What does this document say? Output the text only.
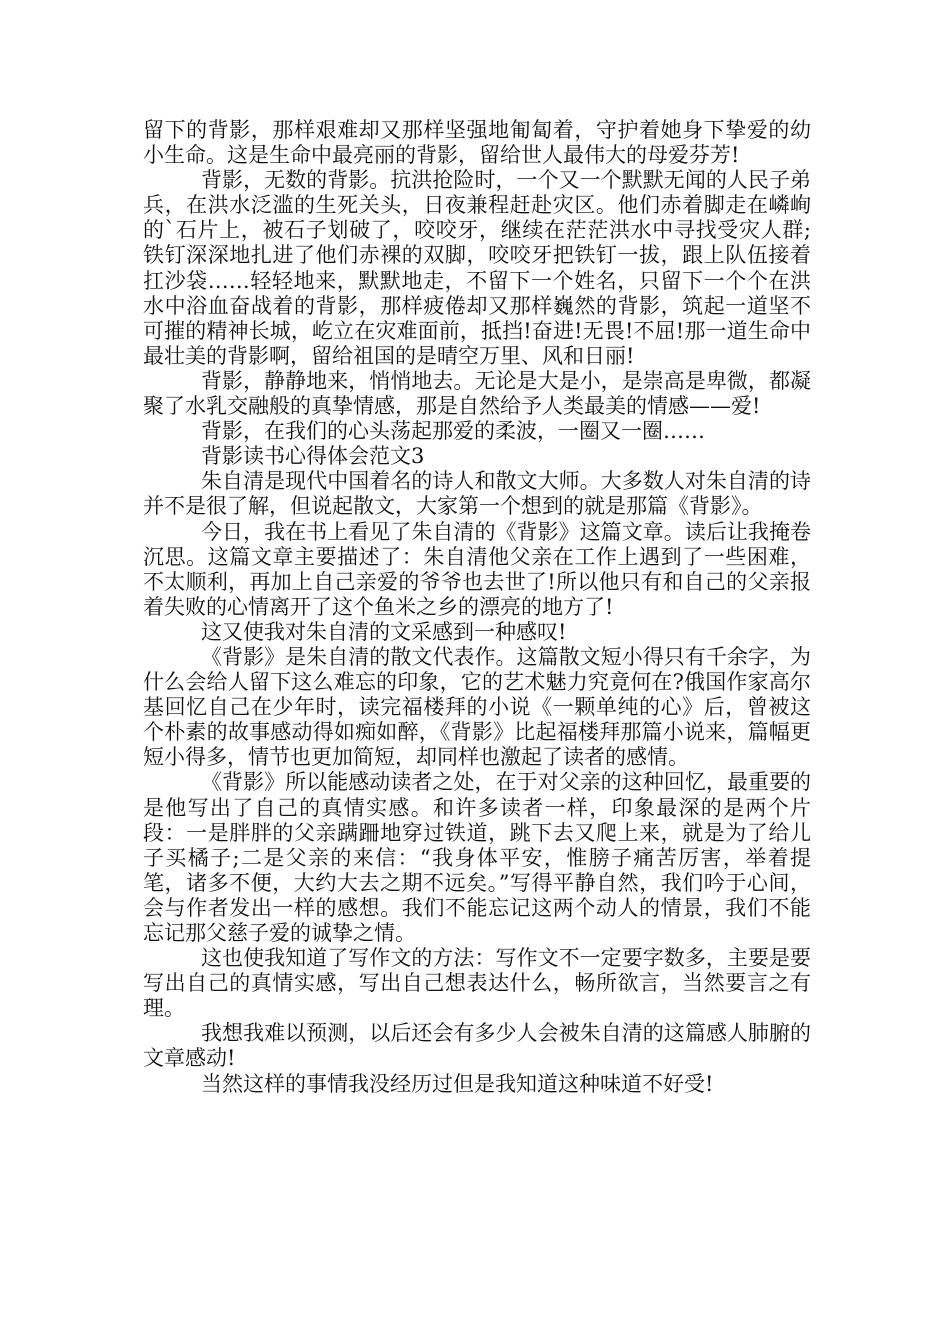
留下的背影，那样艰难却又那样坚强地匍匐着，守护着她身下挚爱的幼小生命。这是生命中最亮丽的背影，留给世人最伟大的母爱芬芳!

背影，无数的背影。抗洪抢险时，一个又一个默默无闻的人民子弟兵，在洪水泛滥的生死关头，日夜兼程赶赴灾区。他们赤着脚走在嶙峋的`石片上，被石子划破了，咬咬牙，继续在茫茫洪水中寻找受灾人群;铁钉深深地扎进了他们赤裸的双脚，咬咬牙把铁钉一拔，跟上队伍接着扛沙袋……轻轻地来，默默地走，不留下一个姓名，只留下一个个在洪水中浴血奋战着的背影，那样疲倦却又那样巍然的背影，筑起一道坚不可摧的精神长城，屹立在灾难面前，抵挡!奋进!无畏!不屈!那一道生命中最壮美的背影啊，留给祖国的是晴空万里、风和日丽!

背影，静静地来，悄悄地去。无论是大是小，是崇高是卑微，都凝聚了水乳交融般的真挚情感，那是自然给予人类最美的情感——爱!

背影，在我们的心头荡起那爱的柔波，一圈又一圈……

背影读书心得体会范文3

朱自清是现代中国着名的诗人和散文大师。大多数人对朱自清的诗并不是很了解，但说起散文，大家第一个想到的就是那篇《背影》。

今日，我在书上看见了朱自清的《背影》这篇文章。读后让我掩卷沉思。这篇文章主要描述了：朱自清他父亲在工作上遇到了一些困难，不太顺利，再加上自己亲爱的爷爷也去世了!所以他只有和自己的父亲报着失败的心情离开了这个鱼米之乡的漂亮的地方了!

这又使我对朱自清的文采感到一种感叹!

《背影》是朱自清的散文代表作。这篇散文短小得只有千余字，为什么会给人留下这么难忘的印象，它的艺术魅力究竟何在?俄国作家高尔基回忆自己在少年时，读完福楼拜的小说《一颗单纯的心》后，曾被这个朴素的故事感动得如痴如醉，《背影》比起福楼拜那篇小说来，篇幅更短小得多，情节也更加简短，却同样也激起了读者的感情。

《背影》所以能感动读者之处，在于对父亲的这种回忆，最重要的是他写出了自己的真情实感。和许多读者一样，印象最深的是两个片段：一是胖胖的父亲蹒跚地穿过铁道，跳下去又爬上来，就是为了给儿子买橘子;二是父亲的来信：“我身体平安，惟膀子痛苦厉害，举着提笔，诸多不便，大约大去之期不远矣。”写得平静自然，我们吟于心间，会与作者发出一样的感想。我们不能忘记这两个动人的情景，我们不能忘记那父慈子爱的诚挚之情。

这也使我知道了写作文的方法：写作文不一定要字数多，主要是要写出自己的真情实感，写出自己想表达什么，畅所欲言，当然要言之有理。

我想我难以预测，以后还会有多少人会被朱自清的这篇感人肺腑的文章感动!

当然这样的事情我没经历过但是我知道这种味道不好受!
